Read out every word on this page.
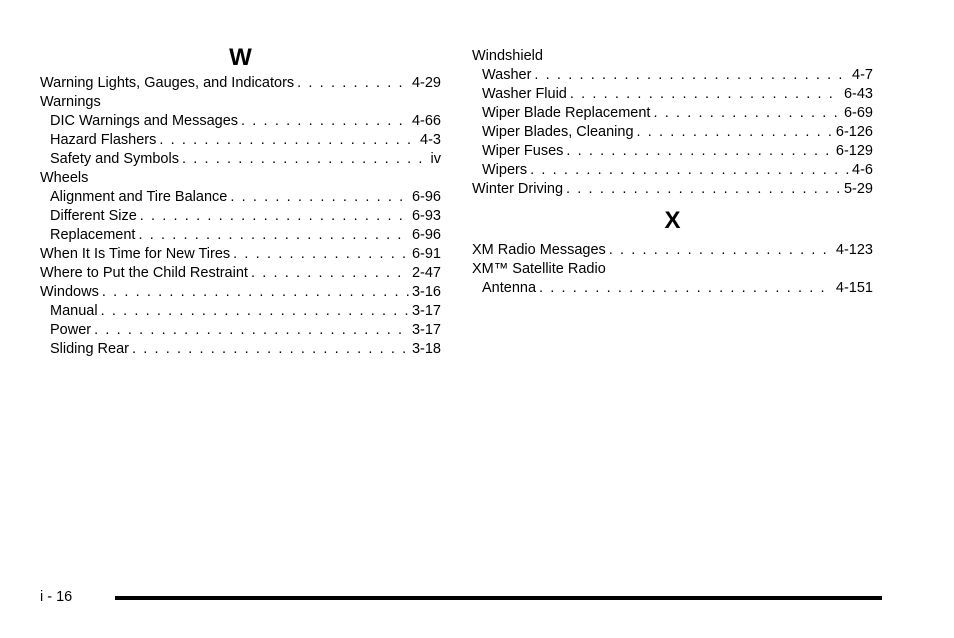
W
Warning Lights, Gauges, and Indicators . . .	4-29
Warnings
DIC Warnings and Messages . . .	4-66
Hazard Flashers . . .	4-3
Safety and Symbols . . .	iv
Wheels
Alignment and Tire Balance . . .	6-96
Different Size . . .	6-93
Replacement . . .	6-96
When It Is Time for New Tires . . .	6-91
Where to Put the Child Restraint . . .	2-47
Windows . . .	3-16
Manual . . .	3-17
Power . . .	3-17
Sliding Rear . . .	3-18
Windshield
Washer . . .	4-7
Washer Fluid . . .	6-43
Wiper Blade Replacement . . .	6-69
Wiper Blades, Cleaning . . .	6-126
Wiper Fuses . . .	6-129
Wipers . . .	4-6
Winter Driving . . .	5-29
X
XM Radio Messages . . .	4-123
XM™ Satellite Radio
Antenna . . .	4-151
i - 16
